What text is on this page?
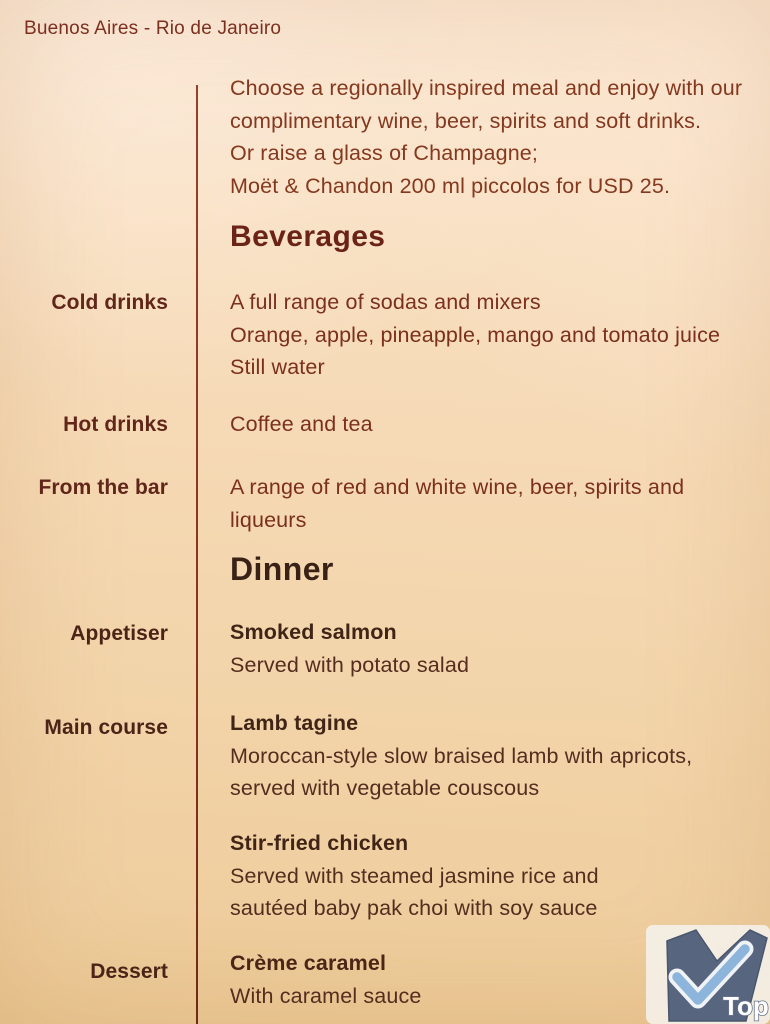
Buenos Aires - Rio de Janeiro
Choose a regionally inspired meal and enjoy with our
complimentary wine, beer, spirits and soft drinks.
Or raise a glass of Champagne;
Moët & Chandon 200 ml piccolos for USD 25.
Beverages
Cold drinks	A full range of sodas and mixers
Orange, apple, pineapple, mango and tomato juice
Still water
Hot drinks	Coffee and tea
From the bar	A range of red and white wine, beer, spirits and liqueurs
Dinner
Appetiser	Smoked salmon
Served with potato salad
Main course	Lamb tagine
Moroccan-style slow braised lamb with apricots,
served with vegetable couscous
Stir-fried chicken
Served with steamed jasmine rice and
sautéed baby pak choi with soy sauce
Dessert	Crème caramel
With caramel sauce	Top
